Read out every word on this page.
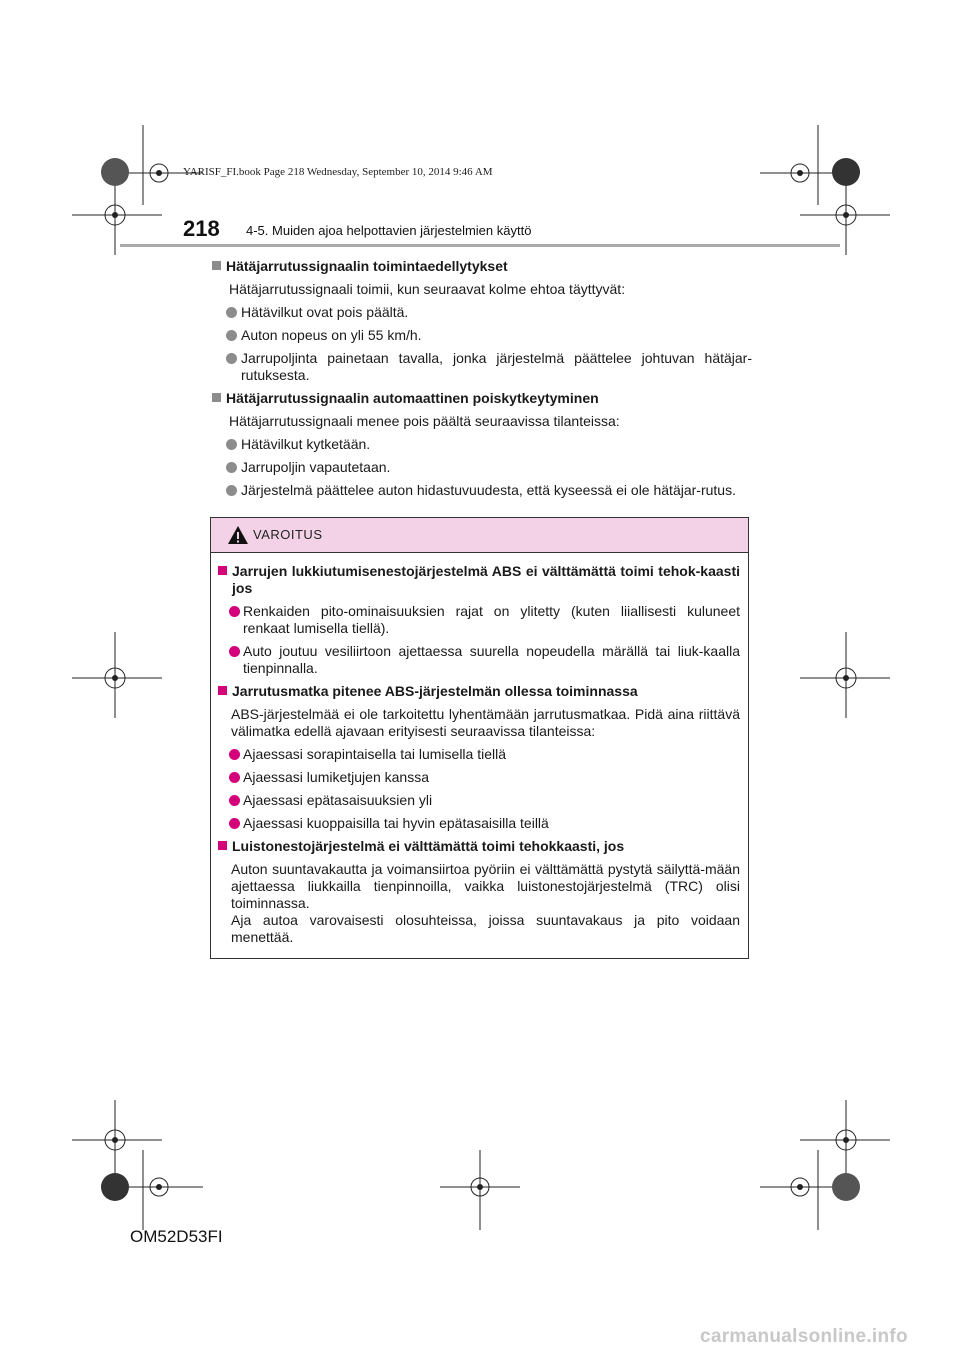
YARISF_FI.book Page 218 Wednesday, September 10, 2014 9:46 AM
218 4-5. Muiden ajoa helpottavien järjestelmien käyttö
Hätäjarrutussignaalin toimintaedellytykset
Hätäjarrutussignaali toimii, kun seuraavat kolme ehtoa täyttyvät:
Hätävilkut ovat pois päältä.
Auton nopeus on yli 55 km/h.
Jarrupoljinta painetaan tavalla, jonka järjestelmä päättelee johtuvan hätäjar-rutuksesta.
Hätäjarrutussignaalin automaattinen poiskytkeytyminen
Hätäjarrutussignaali menee pois päältä seuraavissa tilanteissa:
Hätävilkut kytketään.
Jarrupoljin vapautetaan.
Järjestelmä päättelee auton hidastuvuudesta, että kyseessä ei ole hätäjar-rutus.
VAROITUS
Jarrujen lukkiutumisenestojärjestelmä ABS ei välttämättä toimi tehok-kaasti jos
Renkaiden pito-ominaisuuksien rajat on ylitetty (kuten liiallisesti kuluneet renkaat lumisella tiellä).
Auto joutuu vesiliirtoon ajettaessa suurella nopeudella märällä tai liuk-kaalla tienpinnalla.
Jarrutusmatka pitenee ABS-järjestelmän ollessa toiminnassa
ABS-järjestelmää ei ole tarkoitettu lyhentämään jarrutusmatkaa. Pidä aina riittävä välimatka edellä ajavaan erityisesti seuraavissa tilanteissa:
Ajaessasi sorapintaisella tai lumisella tiellä
Ajaessasi lumiketjujen kanssa
Ajaessasi epätasaisuuksien yli
Ajaessasi kuoppaisilla tai hyvin epätasaisilla teillä
Luistonestojärjestelmä ei välttämättä toimi tehokkaasti, jos
Auton suuntavakautta ja voimansiirtoa pyöriin ei välttämättä pystytä säilyttä-mään ajettaessa liukkailla tienpinnoilla, vaikka luistonestojärjestelmä (TRC) olisi toiminnassa.
Aja autoa varovaisesti olosuhteissa, joissa suuntavakaus ja pito voidaan menettää.
OM52D53FI
carmanualsonline.info
